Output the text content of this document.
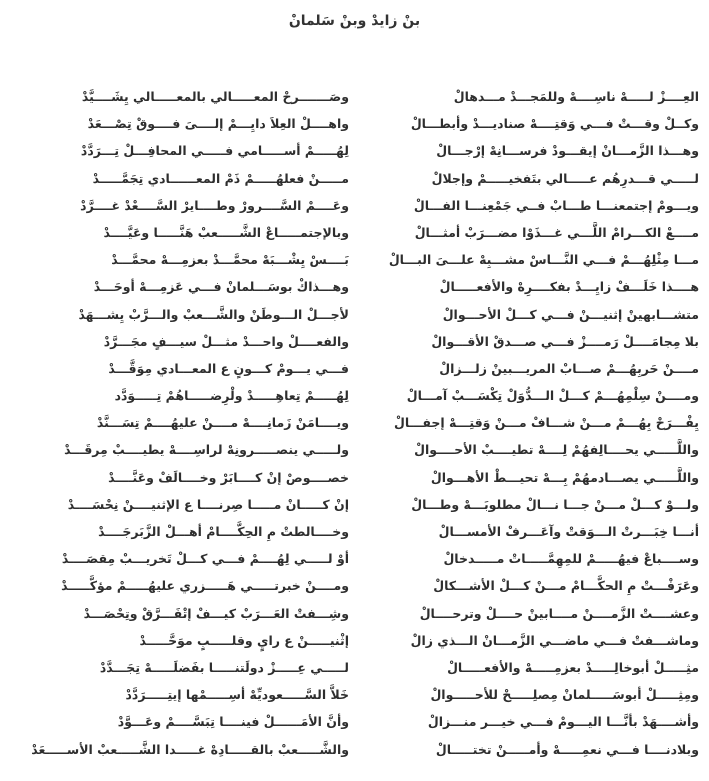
بنْ زايدْ وبنْ سَلمانْ
العِــــزْ لـــــهْ ناسِــــهْ وللمَجـــدْ مـــدهالْ
وصَـــــــرحْ المعـــــالي بالمعـــــالي يِشَــــيَّدْ
وكــلْ وقـــتْ فـــي وَقتِــــهْ صناديـــدْ وأبطـــالْ
واهــــلْ العِلاَ دايِـــمْ إلــــىَ فــــوقْ تِصْـــعَدْ
وهـــذا الزَّمـــانْ إيقـــودْ فرســـانِهْ إرْجـــالْ
لِهُـــــمْ أســـــامي فـــــي المحافِـــلْ تِـــرَدَّدْ
لـــــي قـــدرِهُم عـــــالي بتَفخيـــــمْ وإجلالْ
مـــــنْ فعلهُـــــمْ ذَمْ المعــــــادي تِجَمَّـــــدْ
ويـــومْ إجتمعنـــا طـــابْ فــي جَمْعِنـــا الفـــالْ
وعَــــمْ السَّــــرورْ وطــــايرْ السَّــــعْدْ غــــرَّدْ
مــــعْ الكـــرامْ اللَّـــي غـــذَوْا مضـــرَبْ أمثـــالْ
وبالإجتمـــــاعْ الشَّـــــعبْ هَنَّـــــا وعَيَّــــدْ
مـــا مِثْلِهُـــمْ فـــي النَّـــاسْ مشـــبِهْ علـــىَ البـــالْ
بَــــسْ يِشْـــبَهْ محمَّـــدْ بعزمِـــهْ محمَّـــدْ
هــــذا خَلَـــفْ زايِـــدْ بفكــــرِهْ والأفعـــــالْ
وهـــذاكْ بوسَـــلمانْ فـــي عَزمِـــهْ أوحَـــدْ
متشـــابهينْ إثنيـــنْ فـــي كـــلْ الأحـــوالْ
لأجـــلْ الـــوطَنْ والشَّـــعبْ والـــرَّبْ يِشـــهَدْ
بلا مِجامَــــلْ رَمــــزْ فـــي صـــدقْ الأقـــوالْ
والفعــــلْ واحـــدْ مثـــلْ سيـــفٍ مجَـــرَّدْ
مــــنْ حَربِهُـــمْ صـــابْ المريـــبينْ زلـــزالْ
فـــي يـــومْ كـــونٍ ع المعـــادي مِوَقَّـــدْ
ومــــنْ سِلْمِهُـــمْ كـــلْ الـــدُّوَلْ تِكْسَـــبْ آمـــالْ
لِهُـــــمْ تِعاهِـــــدْ ولْرِضـــــاهُمْ تِـــــوَدَّد
يِفْـــرَحْ بِهُـــمْ مـــنْ شـــافْ مـــنْ وَقتِـــهْ إجفـــالْ
ويــــامَنْ زَمانِــــهْ مــــنْ عليهُــــمْ تِسَـــنَّدْ
واللَّـــــي يحــــالِفهُمْ لِــــهْ تطيــــبْ الأحــــوالْ
ولـــــي ينصـــــرونِهْ لراسِــــهْ يطيــــبْ مِرقَـــدْ
واللَّـــــي يصـــادمهُمْ بِـــهْ تحيـــطْ الأهـــوالْ
خصــــوصْ إنْ كــــابَرْ وخــــالَفْ وعَنَّــــدْ
ولـــوْ كـــلْ مـــنْ جـــا نـــالْ مطلوبَـــهْ وطـــالْ
إنْ كـــــانْ مـــــا صِرنــــا ع الإثنيــــنْ نِحْسَــــدْ
أنـــا خِبَـــرتْ الـــوَقتْ وآعَـــرفْ الأمســـالْ
وخــــالطتْ مِ الحِكَّــــامْ أهـــلْ الزَّبَرجَــــدْ
وســــباعْ فيهُـــــمْ للمِهِمَّـــــاتْ مـــــدخالْ
أوْ لـــــي لِهُــــمْ فـــي كـــلْ تَخريـــبْ مِقصَــــدْ
وعَرَفْـــتْ مِ الحكَّـــامْ مـــنْ كـــلْ الأشـــكالْ
ومــــنْ خبرتـــــي هَـــــزري عليهُـــــمْ مؤكَّـــــدْ
وعشــــتْ الزَّمــــنْ مــــابينْ حــــلْ وترحــــالْ
وشِـــفتْ العَـــرَبْ كيـــفْ إتْفَـــرَّقْ وتِحْصَـــدْ
وماشـــفتْ فـــي ماضـــي الزَّمـــانْ الـــذي زالْ
إثْنيـــــنْ ع رايٍ وقلـــــبٍ موَحَّـــــدْ
مثِـــــلْ أبوخالِـــــدْ بعزمِـــــهْ والأفعـــــالْ
لـــــي عِـــــزْ دولَتنـــــا بفَضلَـــــهْ تِجَـــدَّدْ
ومِثِـــــلْ أبوسَـــــلمانْ مِصلِـــــحْ للأحـــــوالْ
خَلاَّ السَّـــــعوديِّهْ أسِـــــمْها إيتِـــــرَدَّدْ
وأشــــهَدْ بأنَّـــا اليـــومْ فـــي خيـــر منـــزالْ
وأنَّ الأمَــــــلْ فينــــا تِبَسَّــــمْ وعَـــوَّدْ
وبلادنــــا فـــي نعمِـــــهْ وأمـــــنْ تختـــــالْ
والشَّـــــعبْ بالقـــــادِهْ غـــــدا الشَّـــــعبْ الأســـــعَدْ
